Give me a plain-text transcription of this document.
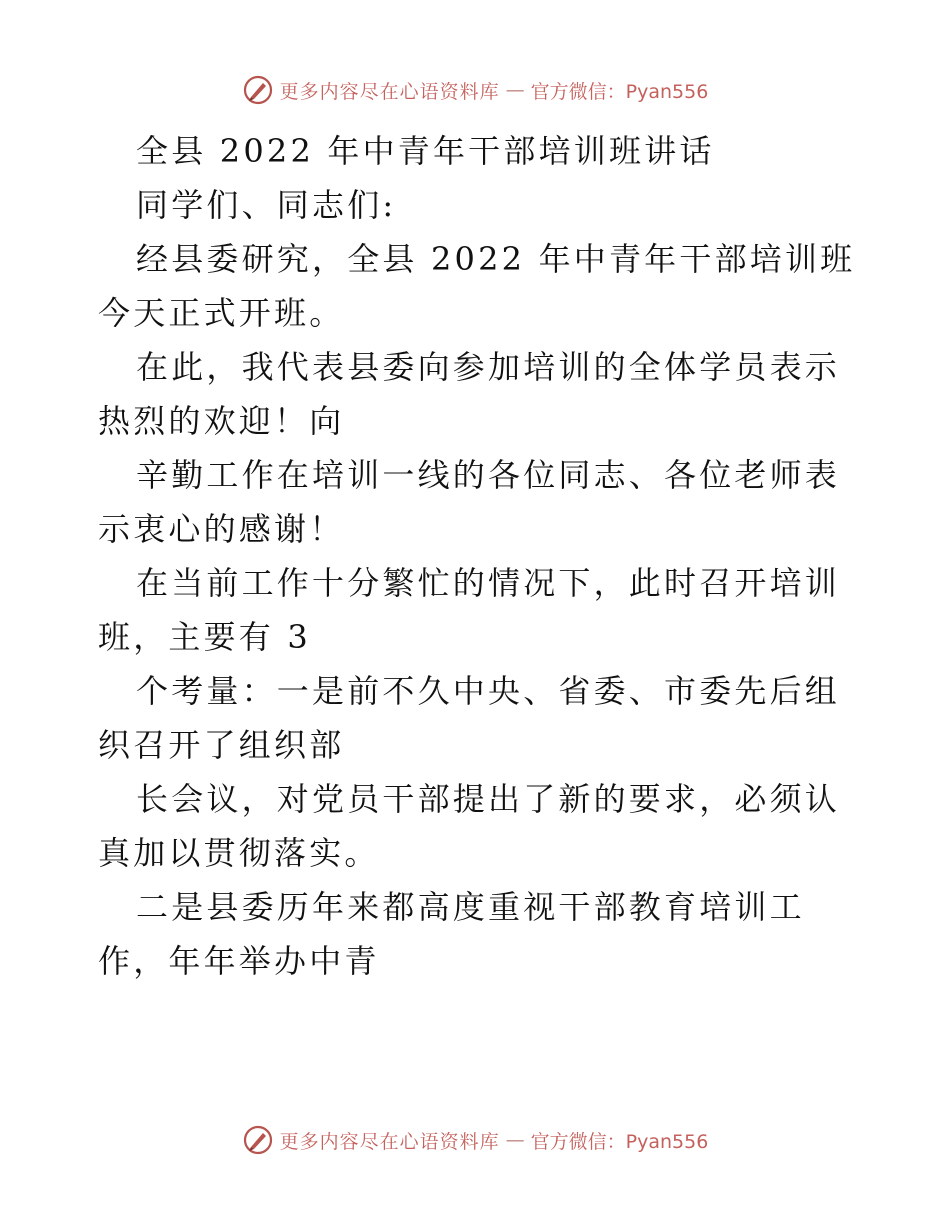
更多内容尽在心语资料库 — 官方微信：Pyan556

全县 2022 年中青年干部培训班讲话

同学们、同志们:

经县委研究，全县 2022 年中青年干部培训班今天正式开班。

在此，我代表县委向参加培训的全体学员表示热烈的欢迎！向

辛勤工作在培训一线的各位同志、各位老师表示衷心的感谢！

在当前工作十分繁忙的情况下，此时召开培训班，主要有 3

个考量：一是前不久中央、省委、市委先后组织召开了组织部

长会议，对党员干部提出了新的要求，必须认真加以贯彻落实。

二是县委历年来都高度重视干部教育培训工作，年年举办中青

更多内容尽在心语资料库 — 官方微信：Pyan556
